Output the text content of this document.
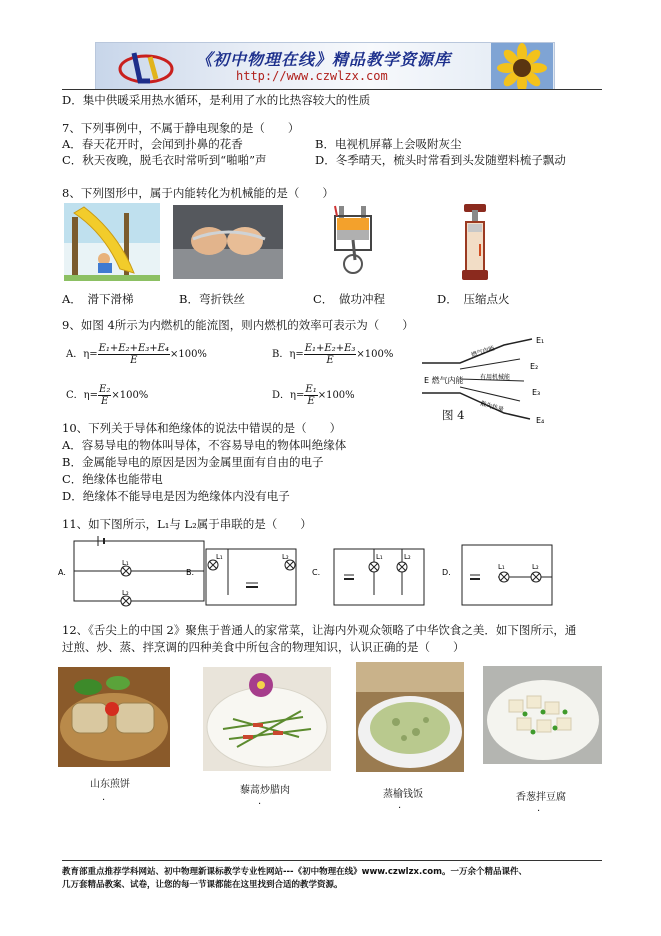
《初中物理在线》精品教学资源库
http://www.czwlzx.com
D．集中供暖采用热水循环，是利用了水的比热容较大的性质
7、下列事例中，不属于静电现象的是（　　）
A．春天花开时，会闻到扑鼻的花香	B．电视机屏幕上会吸附灰尘
C．秋天夜晚，脱毛衣时常听到“啪啪”声	D．冬季晴天，梳头时常看到头发随塑料梳子飘动
8、下列图形中，属于内能转化为机械能的是（　　）
A．　滑下滑梯	B．弯折铁丝	C．　做功冲程	D．　压缩点火
9、如图 4所示为内燃机的能流图，则内燃机的效率可表示为（　　）
A．$\eta= \frac{\text{E₁+E₂+E₃+E₄}}{E} \times 100\%$	B．$\eta= \frac{\text{E₁+E₂+E₃}}{E} \times 100\%$
C．$\eta= \frac{\text{E₂}}{E} \times 100\%$	D．$\eta= \frac{\text{E₁}}{E} \times 100\%$
E 燃气内能
燃气内能
有用机械能
散失热量
E₁
E₂
E₃
E₄
图 4
10、下列关于导体和绝缘体的说法中错误的是（　　）
A．容易导电的物体叫导体，不容易导电的物体叫绝缘体
B．金属能导电的原因是因为金属里面有自由的电子
C．绝缘体也能带电
D．绝缘体不能导电是因为绝缘体内没有电子
11、如下图所示，L₁与 L₂属于串联的是（　　）
A.
L₁
L₂
B.
L₁	L₂
C.
L₁	L₂
D.
L₁	L₂
12、《舌尖上的中国 2》聚焦于普通人的家常菜，让海内外观众领略了中华饮食之美．如下图所示，通
过煎、炒、蒸、拌烹调的四种美食中所包含的物理知识，认识正确的是（　　）
山东煎饼
.
藜蒿炒腊肉
.
蒸榆钱饭
.
香葱拌豆腐
.
教育部重点推荐学科网站、初中物理新课标教学专业性网站---《初中物理在线》www.czwlzx.com。一万余个精品课件、
几万套精品教案、试卷，让您的每一节课都能在这里找到合适的教学资源。
